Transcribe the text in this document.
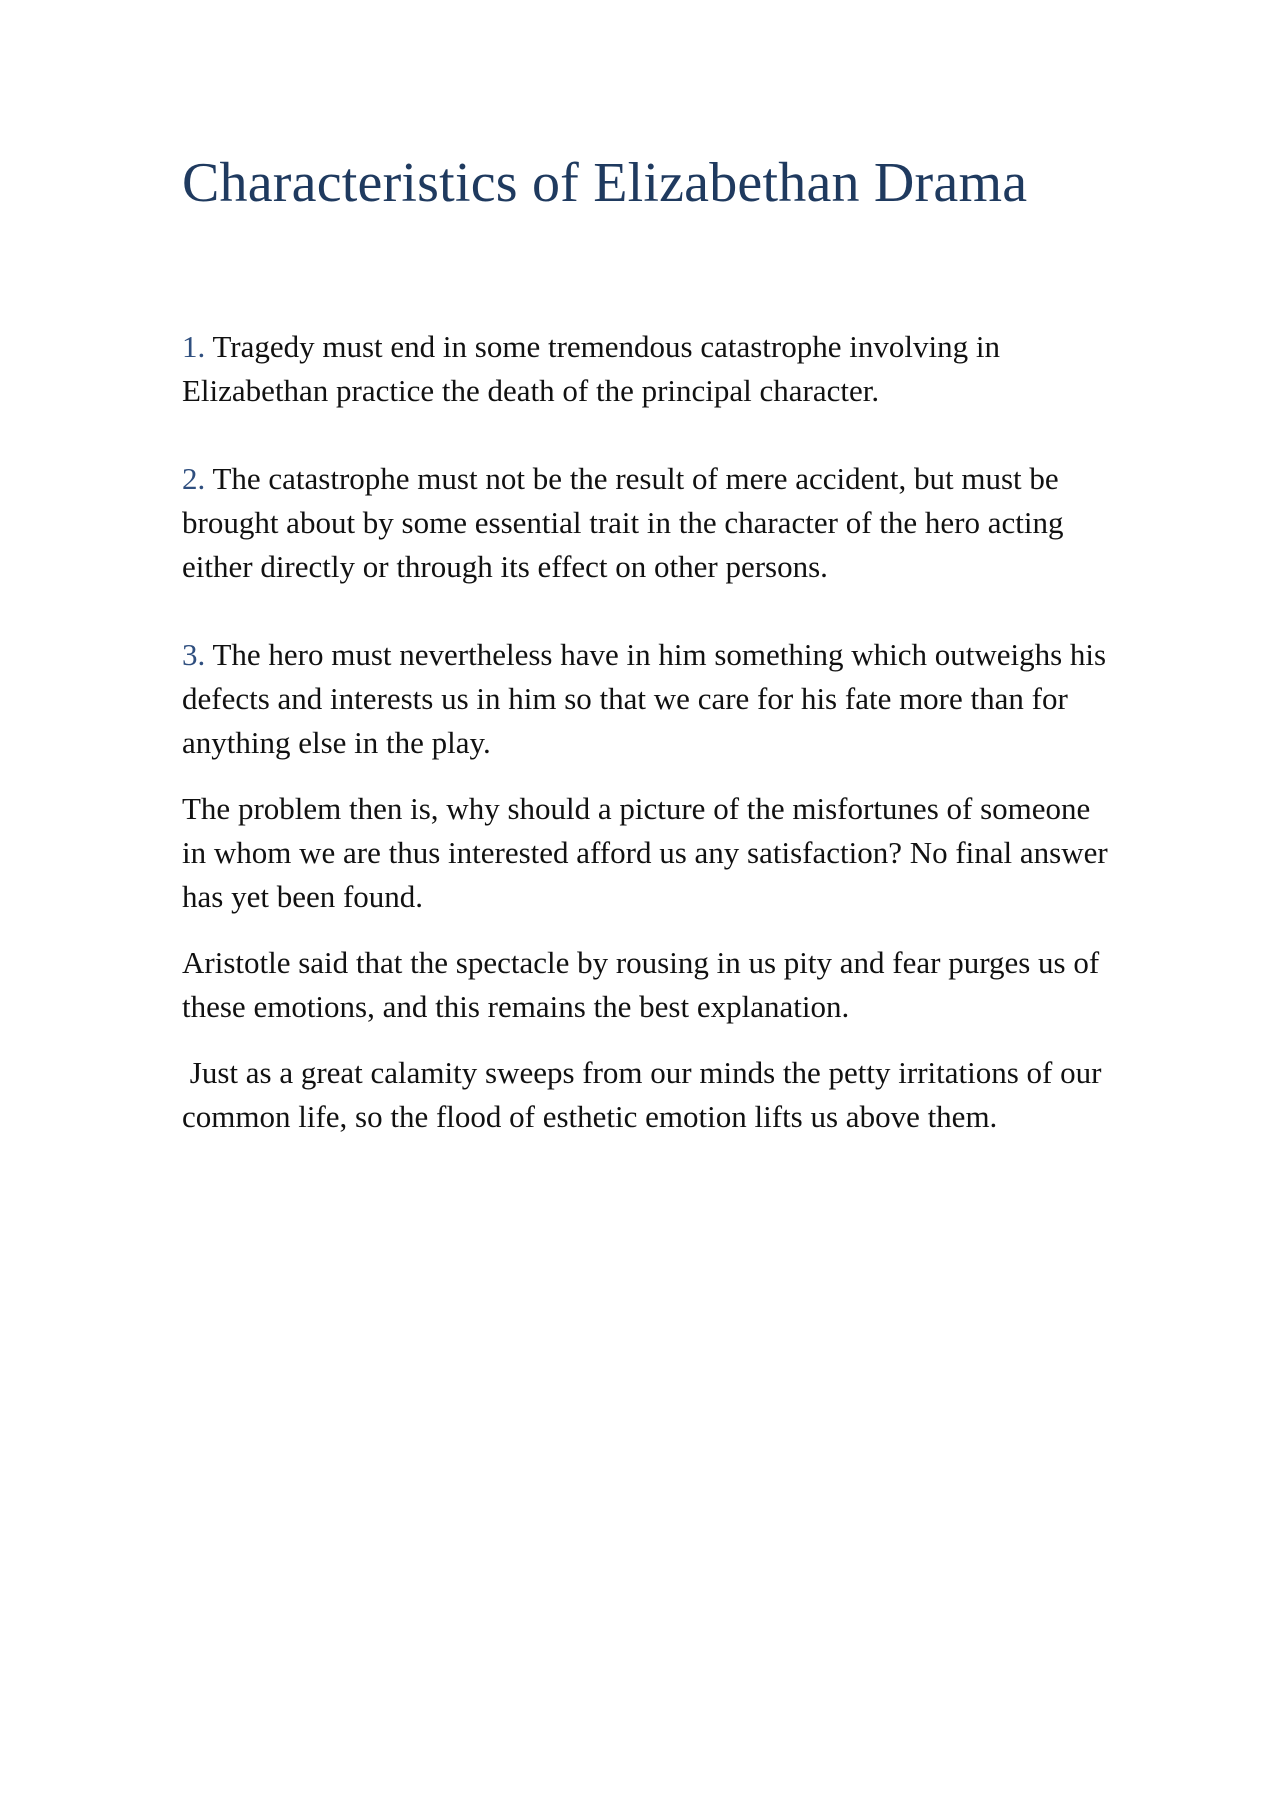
Characteristics of Elizabethan Drama

1. Tragedy must end in some tremendous catastrophe involving in Elizabethan practice the death of the principal character.

2. The catastrophe must not be the result of mere accident, but must be brought about by some essential trait in the character of the hero acting either directly or through its effect on other persons.

3. The hero must nevertheless have in him something which outweighs his defects and interests us in him so that we care for his fate more than for anything else in the play.

The problem then is, why should a picture of the misfortunes of someone in whom we are thus interested afford us any satisfaction? No final answer has yet been found.

Aristotle said that the spectacle by rousing in us pity and fear purges us of these emotions, and this remains the best explanation.

Just as a great calamity sweeps from our minds the petty irritations of our common life, so the flood of esthetic emotion lifts us above them.
